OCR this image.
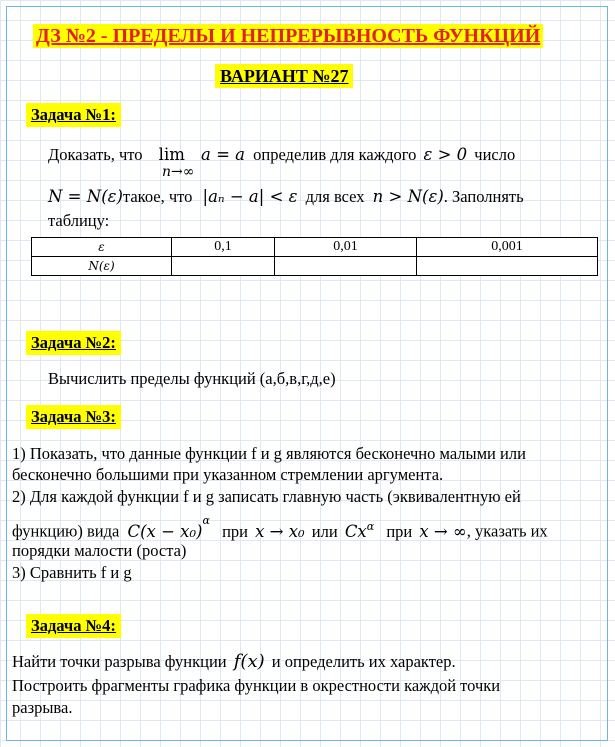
ДЗ №2 - ПРЕДЕЛЫ И НЕПРЕРЫВНОСТЬ ФУНКЦИЙ
ВАРИАНТ №27
Задача №1:
Доказать, что lim a = a определив для каждого ε > 0 число
n→∞
N = N(ε)такое, что |aₙ − a| < ε для всех n > N(ε). Заполнять
таблицу:
ε	0,1	0,01	0,001
N(ε)			
Задача №2:
Вычислить пределы функций (а,б,в,г,д,е)
Задача №3:
1) Показать, что данные функции f и g являются бесконечно малыми или
бесконечно большими при указанном стремлении аргумента.
2) Для каждой функции f и g записать главную часть (эквивалентную ей
функцию) вида $C(x - x_0)^\alpha$ при x → x₀ или $Cx^\alpha$ при x → ∞, указать их
порядки малости (роста)
3) Сравнить f и g
Задача №4:
Найти точки разрыва функции f(x) и определить их характер.
Построить фрагменты графика функции в окрестности каждой точки
разрыва.
